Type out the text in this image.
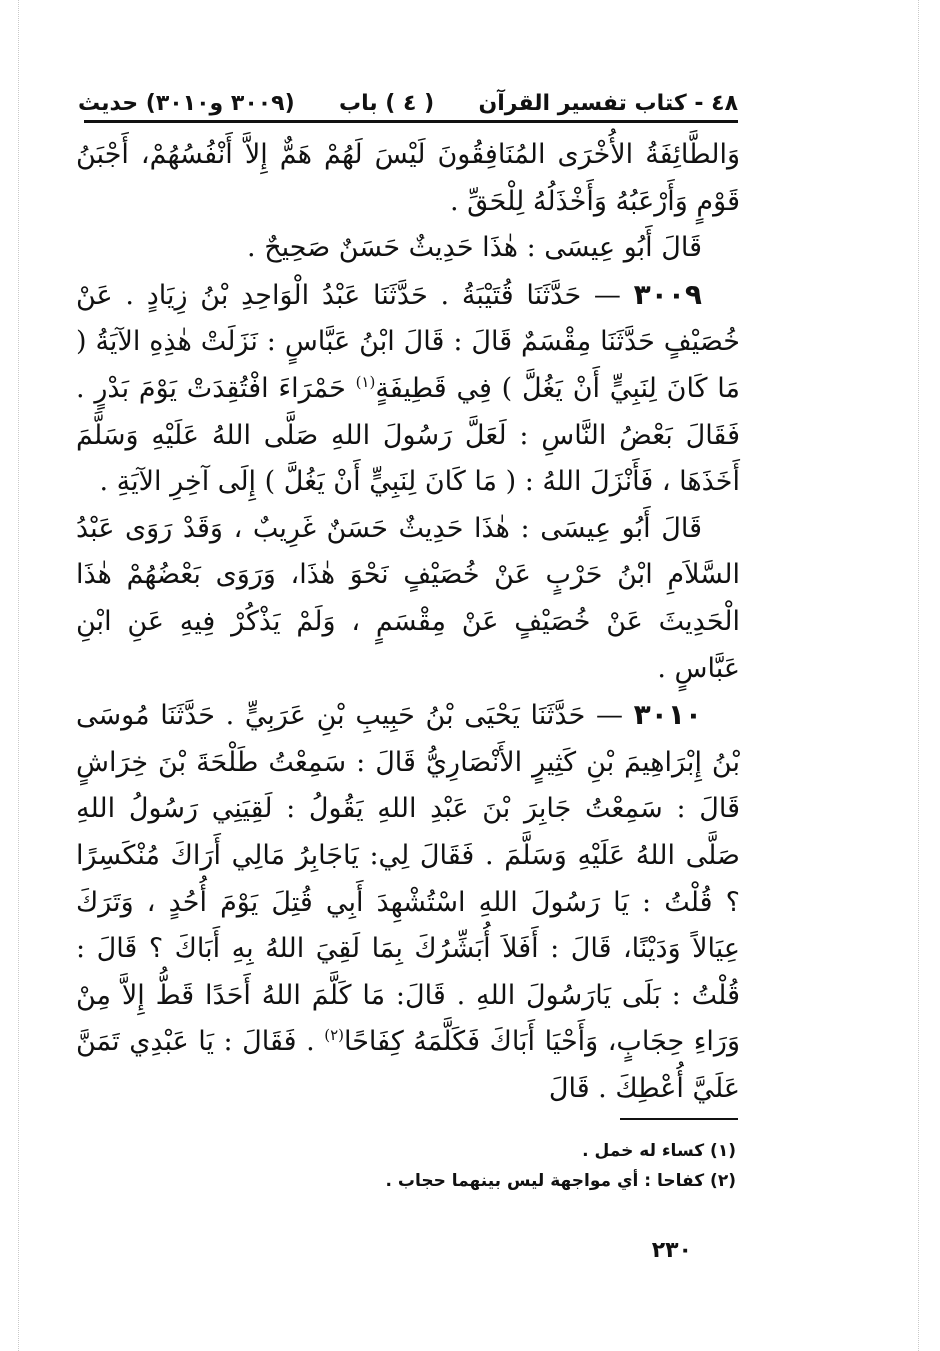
٤٨ - كتاب تفسير القرآن
( ٤ ) باب
(٣٠٠٩ و٣٠١٠) حديث

وَالطَّائِفَةُ الأُخْرَى المُنَافِقُونَ لَيْسَ لَهُمْ هَمٌّ إِلاَّ أَنْفُسُهُمْ، أَجْبَنُ قَوْمٍ وَأَرْعَبُهُ وَأَخْذَلُهُ لِلْحَقِّ .

قَالَ أَبُو عِيسَى : هٰذَا حَدِيثٌ حَسَنٌ صَحِيحٌ .

٣٠٠٩ — حَدَّثَنَا قُتَيْبَةُ . حَدَّثَنَا عَبْدُ الْوَاحِدِ بْنُ زِيَادٍ . عَنْ خُصَيْفٍ حَدَّثَنَا مِقْسَمٌ قَالَ : قَالَ ابْنُ عَبَّاسٍ : نَزَلَتْ هٰذِهِ الآيَةُ ( مَا كَانَ لِنَبِيٍّ أَنْ يَغُلَّ ) فِي قَطِيفَةٍ$^{(١)}$ حَمْرَاءَ افْتُقِدَتْ يَوْمَ بَدْرٍ . فَقَالَ بَعْضُ النَّاسِ : لَعَلَّ رَسُولَ اللهِ صَلَّى اللهُ عَلَيْهِ وَسَلَّمَ أَخَذَهَا ، فَأَنْزَلَ اللهُ : ( مَا كَانَ لِنَبِيٍّ أَنْ يَغُلَّ ) إِلَى آخِرِ الآيَةِ .

قَالَ أَبُو عِيسَى : هٰذَا حَدِيثٌ حَسَنٌ غَرِيبٌ ، وَقَدْ رَوَى عَبْدُ السَّلاَمِ ابْنُ حَرْبٍ عَنْ خُصَيْفٍ نَحْوَ هٰذَا، وَرَوَى بَعْضُهُمْ هٰذَا الْحَدِيثَ عَنْ خُصَيْفٍ عَنْ مِقْسَمٍ ، وَلَمْ يَذْكُرْ فِيهِ عَنِ ابْنِ عَبَّاسٍ .

٣٠١٠ — حَدَّثَنَا يَحْيَى بْنُ حَبِيبِ بْنِ عَرَبِيٍّ . حَدَّثَنَا مُوسَى بْنُ إِبْرَاهِيمَ بْنِ كَثِيرٍ الأَنْصَارِيُّ قَالَ : سَمِعْتُ طَلْحَةَ بْنَ خِرَاشٍ قَالَ : سَمِعْتُ جَابِرَ بْنَ عَبْدِ اللهِ يَقُولُ : لَقِيَنِي رَسُولُ اللهِ صَلَّى اللهُ عَلَيْهِ وَسَلَّمَ . فَقَالَ لِي: يَاجَابِرُ مَالِي أَرَاكَ مُنْكَسِرًا ؟ قُلْتُ : يَا رَسُولَ اللهِ اسْتُشْهِدَ أَبِي قُتِلَ يَوْمَ أُحُدٍ ، وَتَرَكَ عِيَالاً وَدَيْنًا، قَالَ : أَفَلاَ أُبَشِّرُكَ بِمَا لَقِيَ اللهُ بِهِ أَبَاكَ ؟ قَالَ : قُلْتُ : بَلَى يَارَسُولَ اللهِ . قَالَ: مَا كَلَّمَ اللهُ أَحَدًا قَطُّ إِلاَّ مِنْ وَرَاءِ حِجَابٍ، وَأَحْيَا أَبَاكَ فَكَلَّمَهُ كِفَاحًا$^{(٢)}$ . فَقَالَ : يَا عَبْدِي تَمَنَّ عَلَيَّ أُعْطِكَ . قَالَ

(١) كساء له خمل .
(٢) كفاحا : أي مواجهة ليس بينهما حجاب .
٢٣٠
